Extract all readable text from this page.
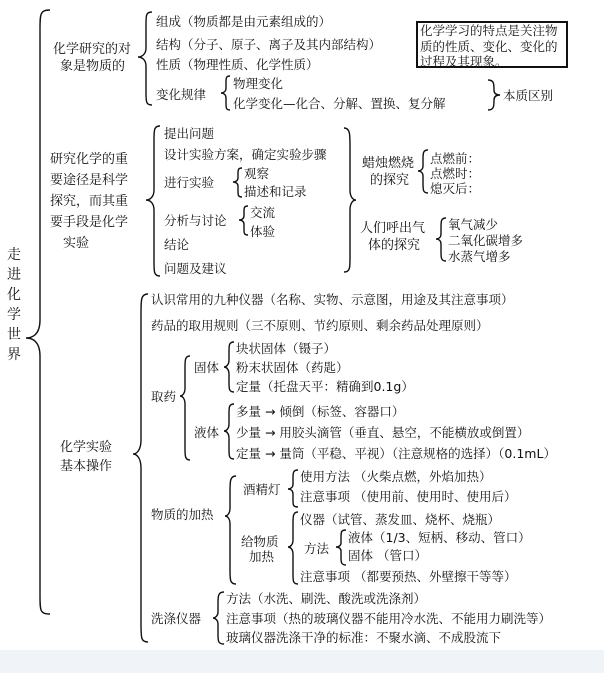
走进化学世界
化学研究的对
象是物质的
组成（物质都是由元素组成的）
结构（分子、原子、离子及其内部结构）
性质（物理性质、化学性质）
变化规律
物理变化
化学变化—化合、分解、置换、复分解
本质区别
化学学习的特点是关注物质的性质、变化、变化的过程及其现象。
研究化学的重
要途径是科学
探究，而其重
要手段是化学
实验
提出问题
设计实验方案，确定实验步骤
进行实验
观察
描述和记录
分析与讨论
交流
体验
结论
问题及建议
蜡烛燃烧
的探究
点燃前：
点燃时：
熄灭后：
人们呼出气
体的探究
氧气减少
二氧化碳增多
水蒸气增多
化学实验
基本操作
认识常用的九种仪器（名称、实物、示意图，用途及其注意事项）
药品的取用规则（三不原则、节约原则、剩余药品处理原则）
取药
固体
块状固体（镊子）
粉末状固体（药匙）
定量（托盘天平：精确到0.1g）
液体
多量 → 倾倒（标签、容器口）
少量 → 用胶头滴管（垂直、悬空，不能横放或倒置）
定量 → 量筒（平稳、平视）（注意规格的选择）（0.1mL）
物质的加热
酒精灯
使用方法 （火柴点燃，外焰加热）
注意事项 （使用前、使用时、使用后）
给物质
加热
仪器（试管、蒸发皿、烧杯、烧瓶）
方法
液体（1/3、短柄、移动、管口）
固体 （管口）
注意事项 （都要预热、外壁擦干等等）
洗涤仪器
方法（水洗、刷洗、酸洗或洗涤剂）
注意事项（热的玻璃仪器不能用冷水洗、不能用力刷洗等）
玻璃仪器洗涤干净的标准：不聚水滴、不成股流下
